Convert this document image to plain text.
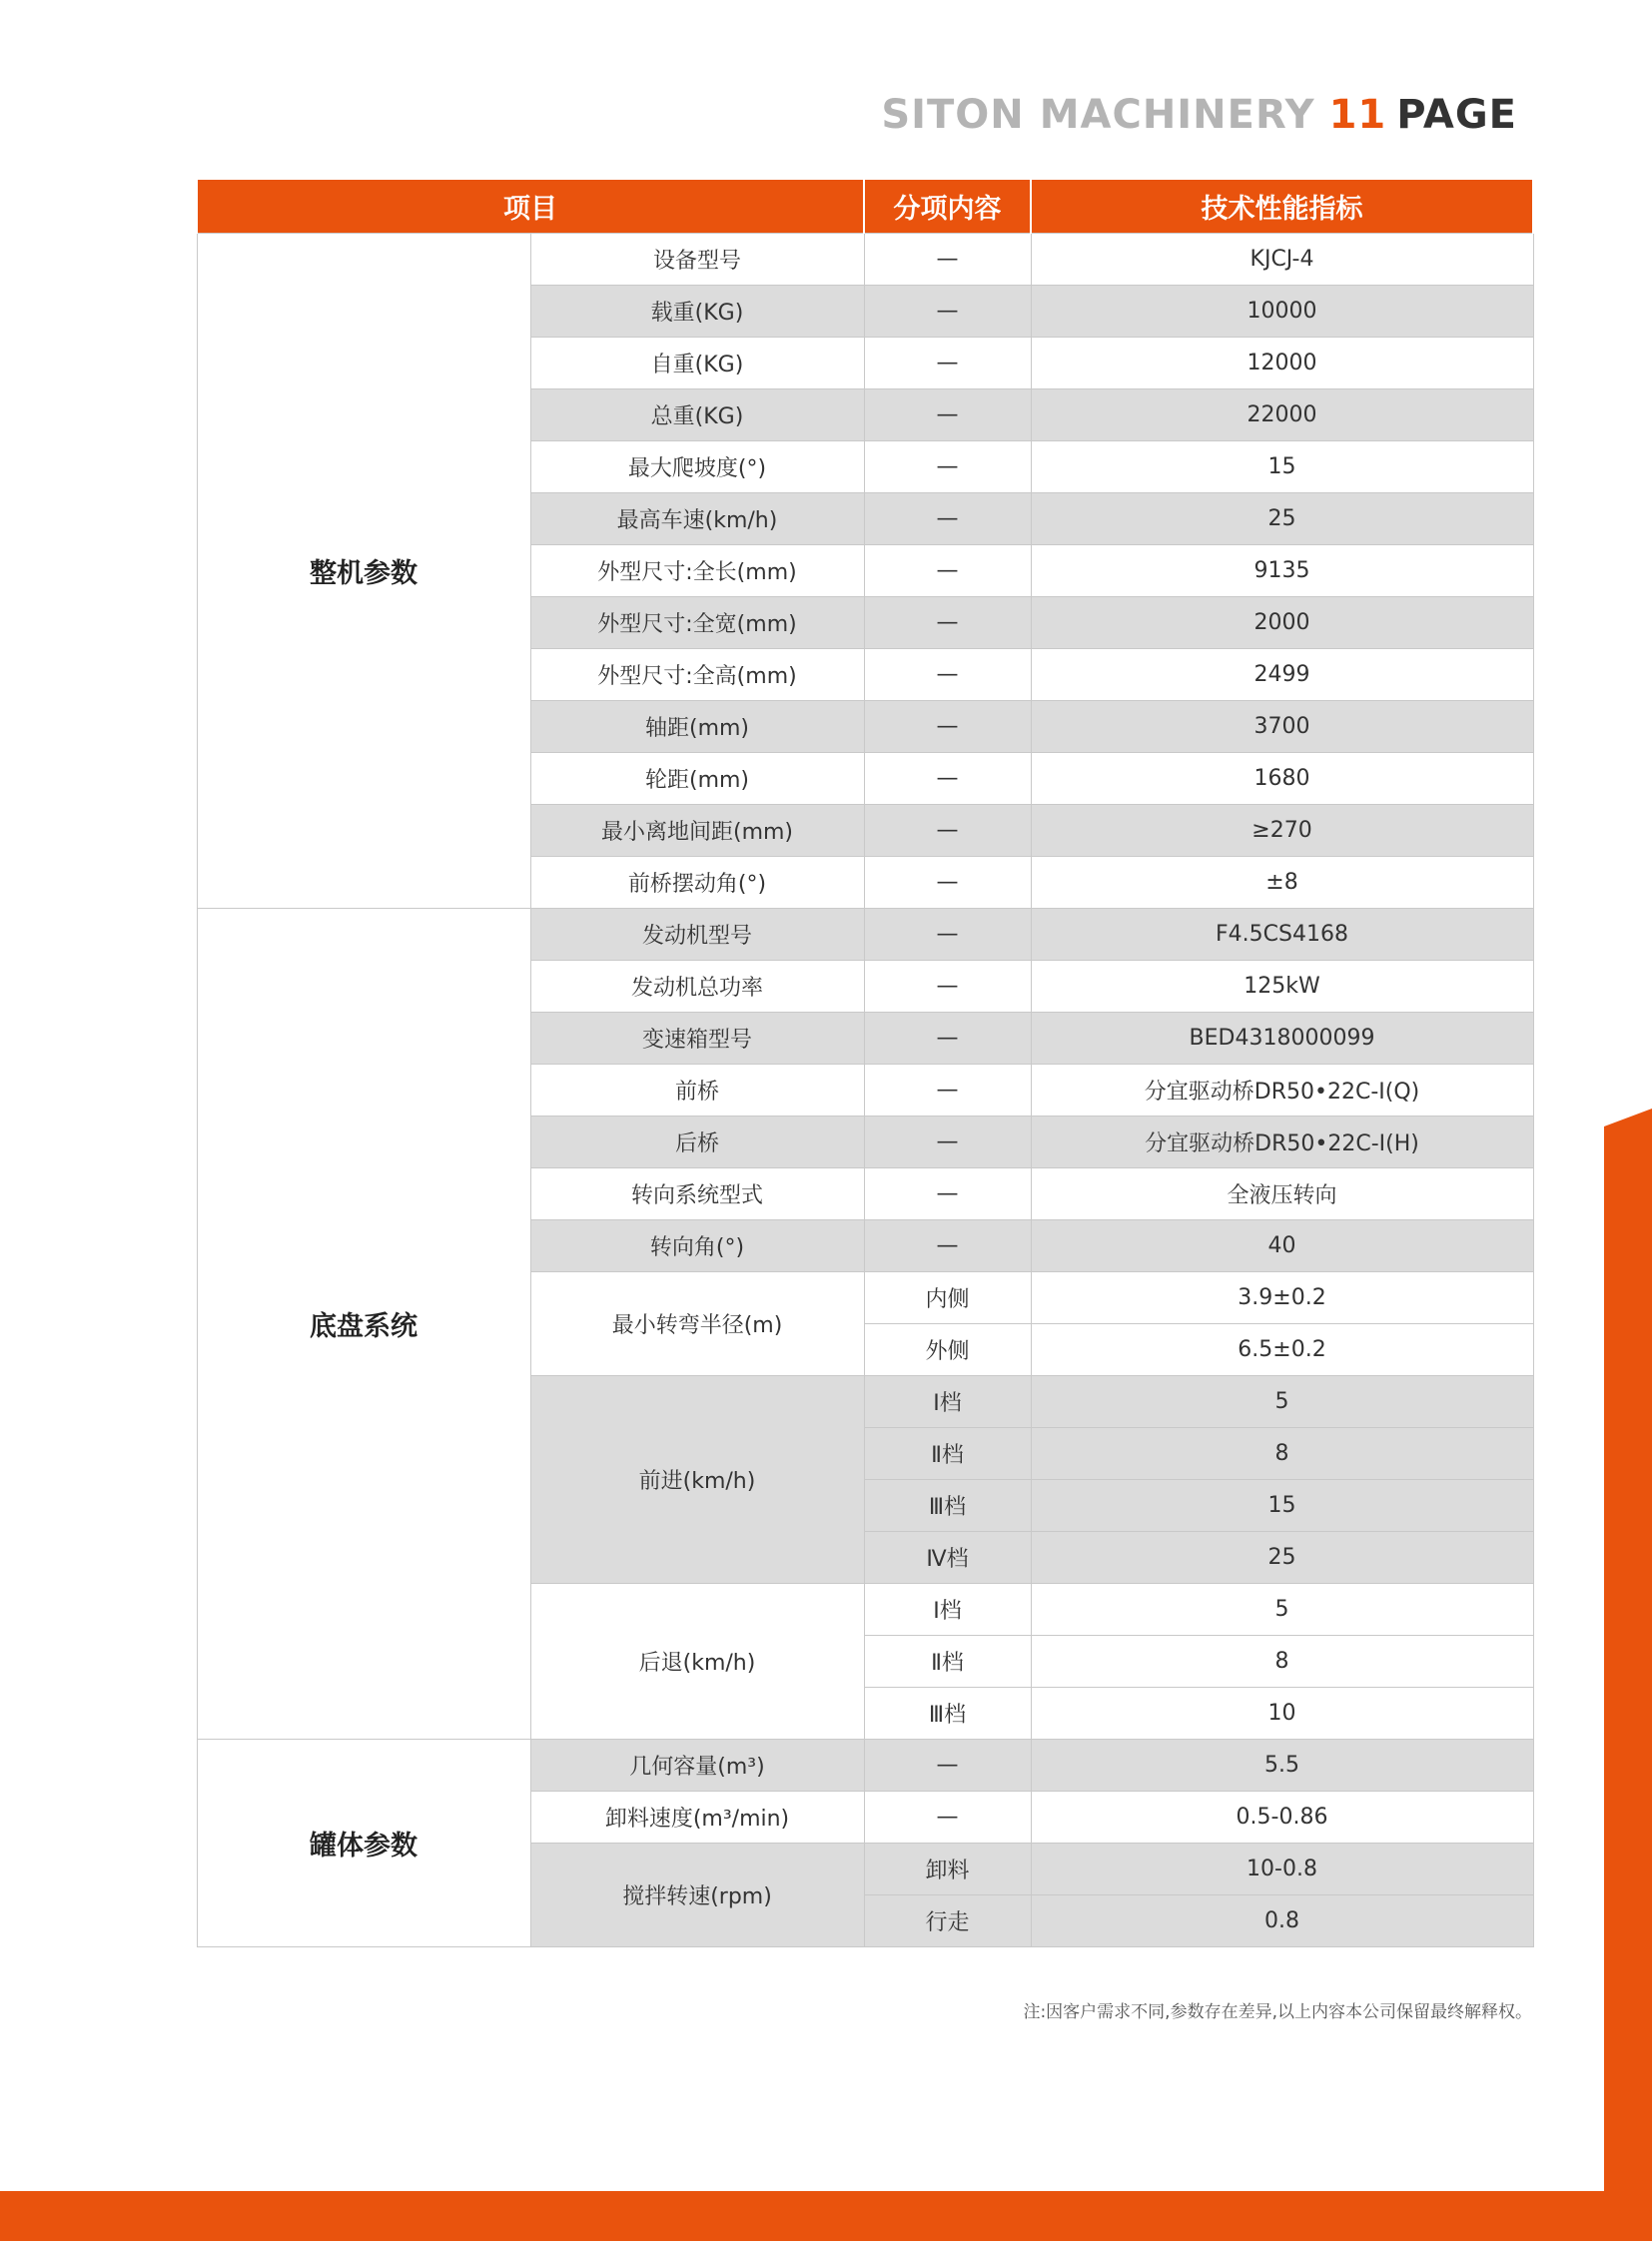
SITON MACHINERY 11 PAGE
项目		分项内容	技术性能指标
整机参数	设备型号	—	KJCJ-4
	载重(KG)	—	10000
	自重(KG)	—	12000
	总重(KG)	—	22000
	最大爬坡度(°)	—	15
	最高车速(km/h)	—	25
	外型尺寸:全长(mm)	—	9135
	外型尺寸:全宽(mm)	—	2000
	外型尺寸:全高(mm)	—	2499
	轴距(mm)	—	3700
	轮距(mm)	—	1680
	最小离地间距(mm)	—	≥270
	前桥摆动角(°)	—	±8
底盘系统	发动机型号	—	F4.5CS4168
	发动机总功率	—	125kW
	变速箱型号	—	BED4318000099
	前桥	—	分宜驱动桥DR50•22C-I(Q)
	后桥	—	分宜驱动桥DR50•22C-I(H)
	转向系统型式	—	全液压转向
	转向角(°)	—	40
	最小转弯半径(m)	内侧	3.9±0.2
		外侧	6.5±0.2
	前进(km/h)	Ⅰ档	5
		Ⅱ档	8
		Ⅲ档	15
		Ⅳ档	25
	后退(km/h)	Ⅰ档	5
		Ⅱ档	8
		Ⅲ档	10
罐体参数	几何容量(m³)	—	5.5
	卸料速度(m³/min)	—	0.5-0.86
	搅拌转速(rpm)	卸料	10-0.8
		行走	0.8
注:因客户需求不同,参数存在差异,以上内容本公司保留最终解释权。
